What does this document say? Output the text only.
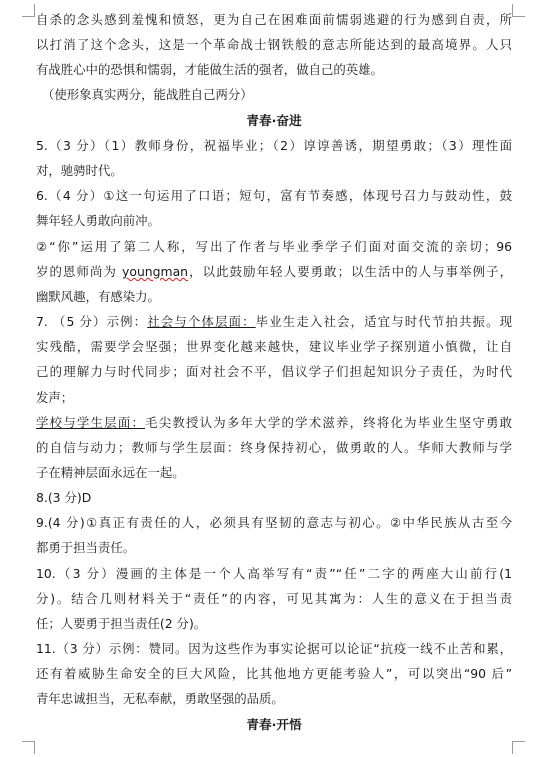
自杀的念头感到羞愧和愤怒，更为自己在困难面前懦弱逃避的行为感到自责，所
以打消了这个念头，这是一个革命战士钢铁般的意志所能达到的最高境界。人只
有战胜心中的恐惧和懦弱，才能做生活的强者，做自己的英雄。
（使形象真实两分，能战胜自己两分）
青春·奋进
5.（3 分）（1）教师身份，祝福毕业；（2）谆谆善诱，期望勇敢；（3）理性面
对，驰骋时代。
6.（4 分）①这一句运用了口语；短句，富有节奏感，体现号召力与鼓动性，鼓
舞年轻人勇敢向前冲。
②“你”运用了第二人称，写出了作者与毕业季学子们面对面交流的亲切；96
岁的恩师尚为 youngman，以此鼓励年轻人要勇敢；以生活中的人与事举例子，
幽默风趣，有感染力。
7. （5 分）示例：社会与个体层面：毕业生走入社会，适宜与时代节拍共振。现
实残酷，需要学会坚强；世界变化越来越快，建议毕业学子探别道小慎微，让自
己的理解力与时代同步；面对社会不平，倡议学子们担起知识分子责任，为时代
发声；
学校与学生层面：毛尖教授认为多年大学的学术滋养，终将化为毕业生坚守勇敢
的自信与动力；教师与学生层面：终身保持初心，做勇敢的人。华师大教师与学
子在精神层面永远在一起。
8.(3 分)D
9.(4 分)①真正有责任的人，必须具有坚韧的意志与初心。②中华民族从古至今
都勇于担当责任。
10.（3 分）漫画的主体是一个人高举写有“责”“任”二字的两座大山前行(1
分)。结合几则材料关于“责任”的内容，可见其寓为：人生的意义在于担当责
任；人要勇于担当责任(2 分)。
11.（3 分）示例：赞同。因为这些作为事实论据可以论证“抗疫一线不止苦和累，
还有着威胁生命安全的巨大风险，比其他地方更能考验人”，可以突出“90 后”
青年忠诚担当，无私奉献，勇敢坚强的品质。
青春·开悟
